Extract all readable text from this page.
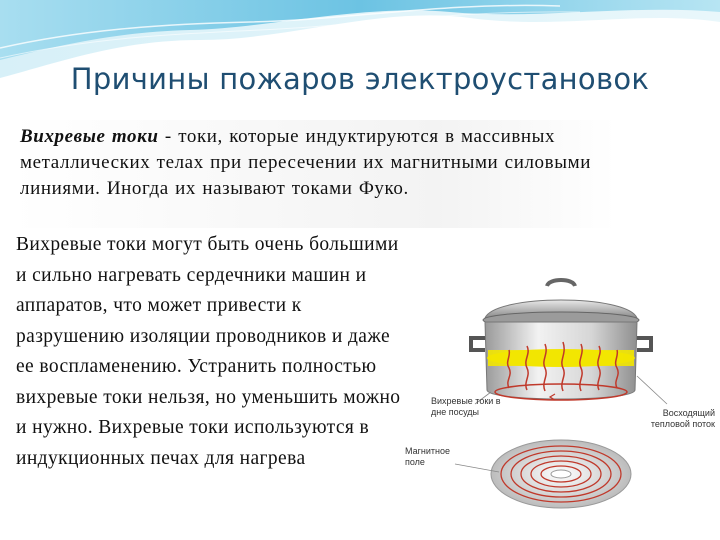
Причины пожаров электроустановок
Вихревые токи - токи, которые индуктируются в массивных металлических телах при пересечении их магнитными силовыми линиями. Иногда их называют токами Фуко.
Вихревые токи могут быть очень большими и сильно нагревать сердечники машин и аппаратов, что может привести к разрушению изоляции проводников и даже ее воспламенению. Устранить полностью вихревые токи нельзя, но уменьшить можно и нужно. Вихревые токи используются в индукционных печах для нагрева
Вихревые токи в дне посуды	Восходящий тепловой поток
Магнитное поле
